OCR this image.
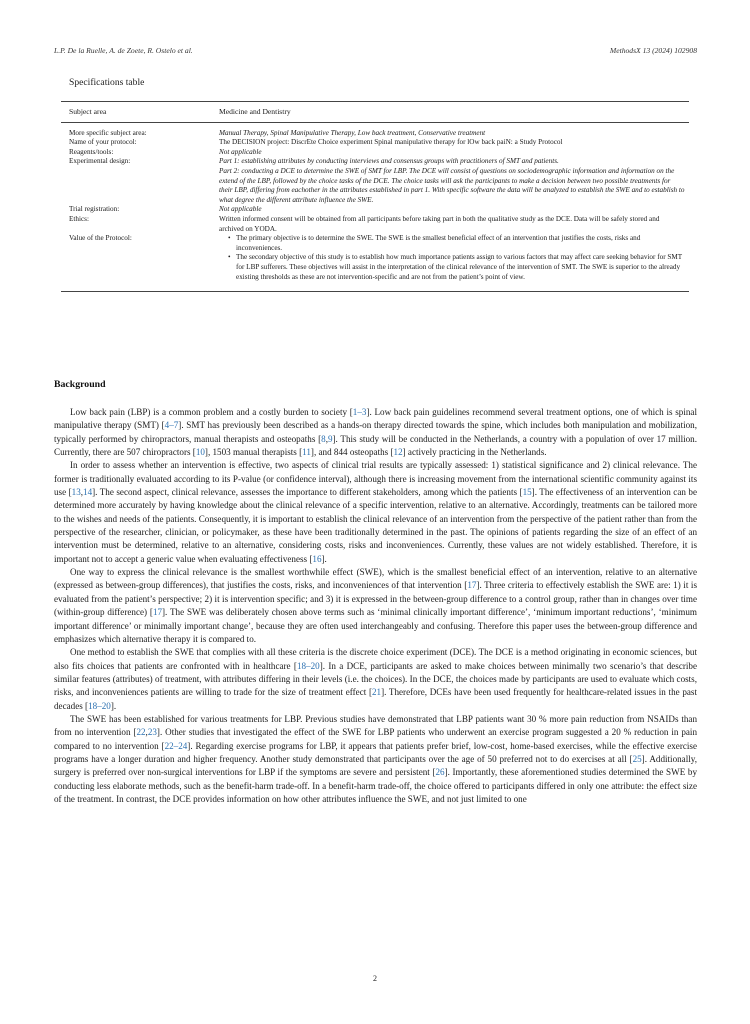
L.P. De la Ruelle, A. de Zoete, R. Ostelo et al.	MethodsX 13 (2024) 102908
Specifications table
Subject area	Medicine and Dentistry
More specific subject area:	Manual Therapy, Spinal Manipulative Therapy, Low back treatment, Conservative treatment
Name of your protocol:	The DECISION project: DiscrEte Choice experiment Spinal manipulative therapy for lOw back paiN: a Study Protocol
Reagents/tools:	Not applicable
Experimental design:	Part 1: establishing attributes by conducting interviews and consensus groups with practitioners of SMT and patients.
Part 2: conducting a DCE to determine the SWE of SMT for LBP. The DCE will consist of questions on sociodemographic information and information on the extend of the LBP, followed by the choice tasks of the DCE. The choice tasks will ask the participants to make a decision between two possible treatments for their LBP, differing from eachother in the attributes established in part 1. With specific software the data will be analyzed to establish the SWE and to establish to what degree the different attribute influence the SWE.
Trial registration:	Not applicable
Ethics:	Written informed consent will be obtained from all participants before taking part in both the qualitative study as the DCE. Data will be safely stored and archived on YODA.
Value of the Protocol:
•	The primary objective is to determine the SWE. The SWE is the smallest beneficial effect of an intervention that justifies the costs, risks and inconveniences.
• The secondary objective of this study is to establish how much importance patients assign to various factors that may affect care seeking behavior for SMT for LBP sufferers. These objectives will assist in the interpretation of the clinical relevance of the intervention of SMT. The SWE is superior to the already existing thresholds as these are not intervention-specific and are not from the patient’s point of view.
Background

Low back pain (LBP) is a common problem and a costly burden to society [1–3]. Low back pain guidelines recommend several treatment options, one of which is spinal manipulative therapy (SMT) [4–7]. SMT has previously been described as a hands-on therapy directed towards the spine, which includes both manipulation and mobilization, typically performed by chiropractors, manual therapists and osteopaths [8,9]. This study will be conducted in the Netherlands, a country with a population of over 17 million. Currently, there are 507 chiropractors [10], 1503 manual therapists [11], and 844 osteopaths [12] actively practicing in the Netherlands.

In order to assess whether an intervention is effective, two aspects of clinical trial results are typically assessed: 1) statistical significance and 2) clinical relevance. The former is traditionally evaluated according to its P-value (or confidence interval), although there is increasing movement from the international scientific community against its use [13,14]. The second aspect, clinical relevance, assesses the importance to different stakeholders, among which the patients [15]. The effectiveness of an intervention can be determined more accurately by having knowledge about the clinical relevance of a specific intervention, relative to an alternative. Accordingly, treatments can be tailored more to the wishes and needs of the patients. Consequently, it is important to establish the clinical relevance of an intervention from the perspective of the patient rather than from the perspective of the researcher, clinician, or policymaker, as these have been traditionally determined in the past. The opinions of patients regarding the size of an effect of an intervention must be determined, relative to an alternative, considering costs, risks and inconveniences. Currently, these values are not widely established. Therefore, it is important not to accept a generic value when evaluating effectiveness [16].

One way to express the clinical relevance is the smallest worthwhile effect (SWE), which is the smallest beneficial effect of an intervention, relative to an alternative (expressed as between-group differences), that justifies the costs, risks, and inconveniences of that intervention [17]. Three criteria to effectively establish the SWE are: 1) it is evaluated from the patient’s perspective; 2) it is intervention specific; and 3) it is expressed in the between-group difference to a control group, rather than in changes over time (within-group difference) [17]. The SWE was deliberately chosen above terms such as ‘minimal clinically important difference’, ‘minimum important reductions’, ‘minimum important difference’ or minimally important change’, because they are often used interchangeably and confusing. Therefore this paper uses the between-group difference and emphasizes which alternative therapy it is compared to.

One method to establish the SWE that complies with all these criteria is the discrete choice experiment (DCE). The DCE is a method originating in economic sciences, but also fits choices that patients are confronted with in healthcare [18–20]. In a DCE, participants are asked to make choices between minimally two scenario’s that describe similar features (attributes) of treatment, with attributes differing in their levels (i.e. the choices). In the DCE, the choices made by participants are used to evaluate which costs, risks, and inconveniences patients are willing to trade for the size of treatment effect [21]. Therefore, DCEs have been used frequently for healthcare-related issues in the past decades [18–20].

The SWE has been established for various treatments for LBP. Previous studies have demonstrated that LBP patients want 30 % more pain reduction from NSAIDs than from no intervention [22,23]. Other studies that investigated the effect of the SWE for LBP patients who underwent an exercise program suggested a 20 % reduction in pain compared to no intervention [22–24]. Regarding exercise programs for LBP, it appears that patients prefer brief, low-cost, home-based exercises, while the effective exercise programs have a longer duration and higher frequency. Another study demonstrated that participants over the age of 50 preferred not to do exercises at all [25]. Additionally, surgery is preferred over non-surgical interventions for LBP if the symptoms are severe and persistent [26]. Importantly, these aforementioned studies determined the SWE by conducting less elaborate methods, such as the benefit-harm trade-off. In a benefit-harm trade-off, the choice offered to participants differed in only one attribute: the effect size of the treatment. In contrast, the DCE provides information on how other attributes influence the SWE, and not just limited to one

2
